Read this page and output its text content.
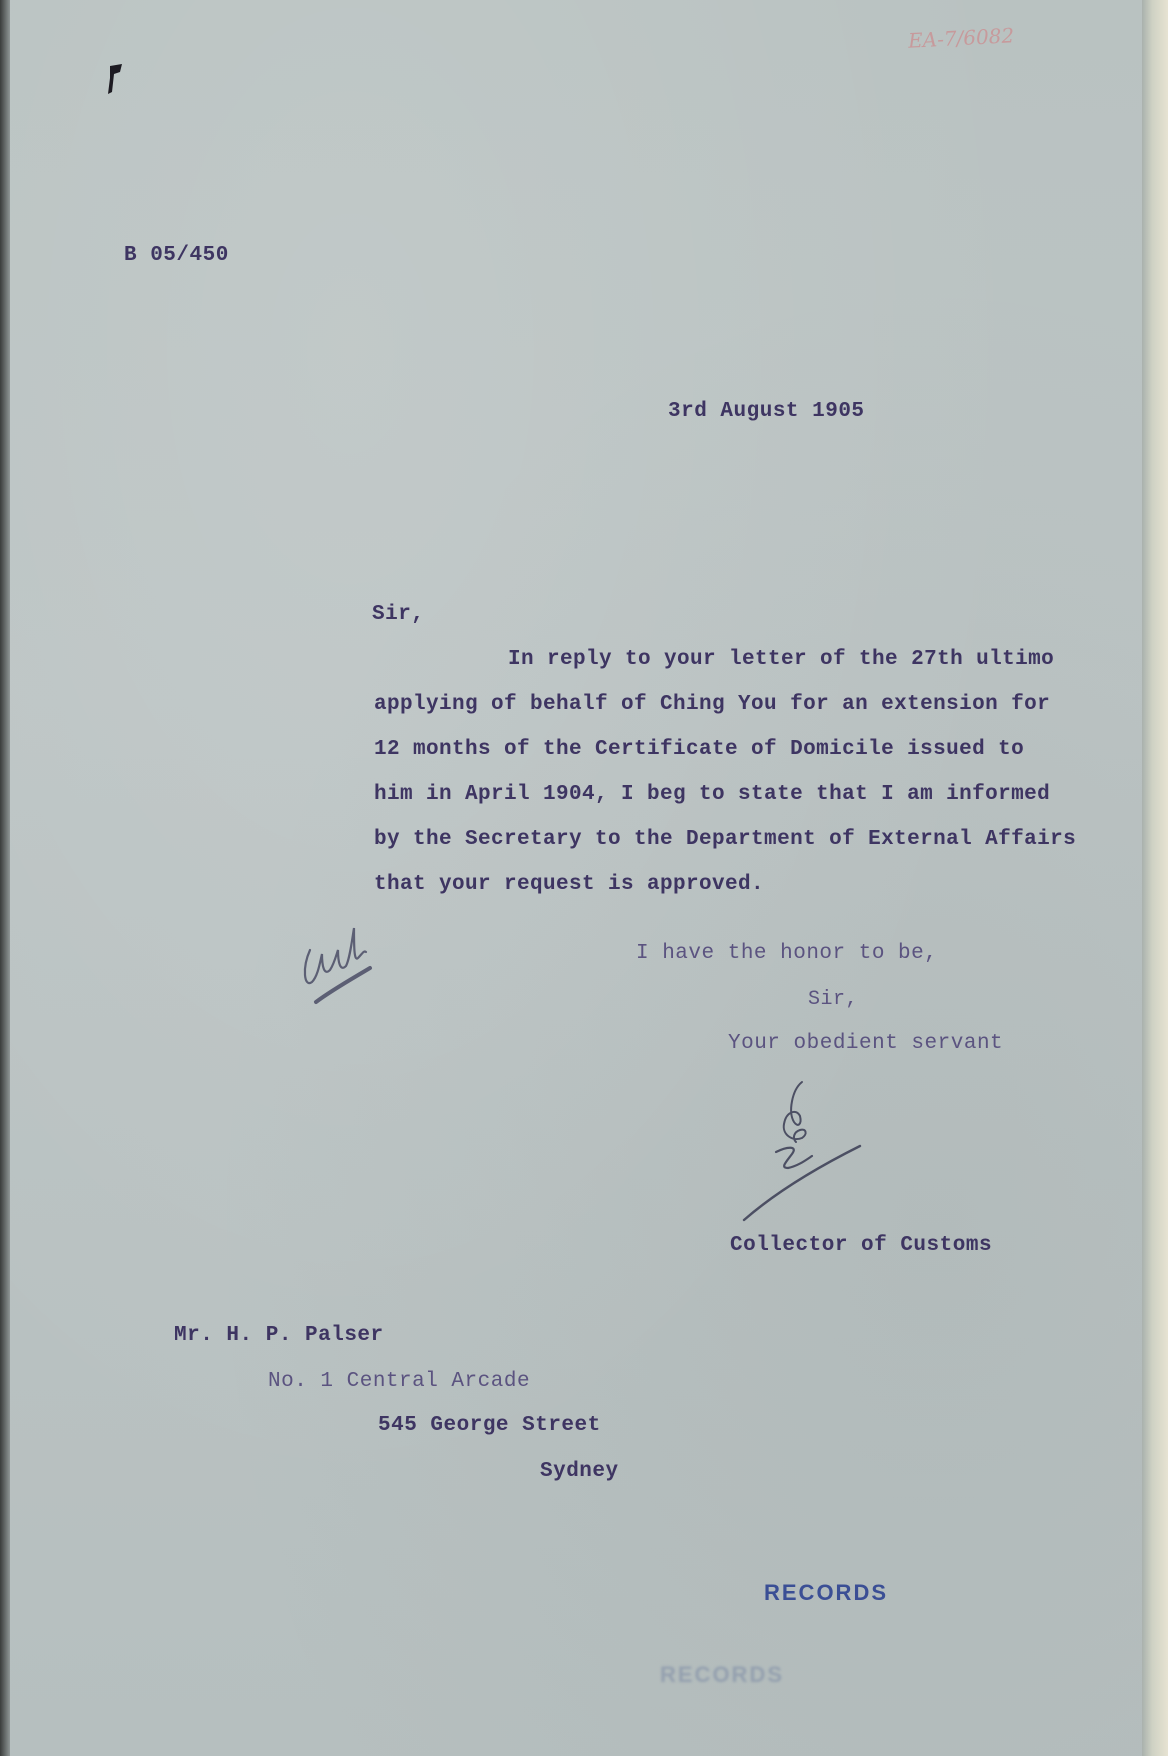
EA-7/6082
B 05/450
3rd August 1905
Sir,

In reply to your letter of the 27th ultimo

applying of behalf of Ching You for an extension for

12 months of the Certificate of Domicile issued to

him in April 1904, I beg to state that I am informed

by the Secretary to the Department of External Affairs

that your request is approved.

I have the honor to be,
Sir,
Your obedient servant
Collector of Customs
Mr. H. P. Palser
No. 1 Central Arcade
545 George Street
Sydney
RECORDS
RECORDS
